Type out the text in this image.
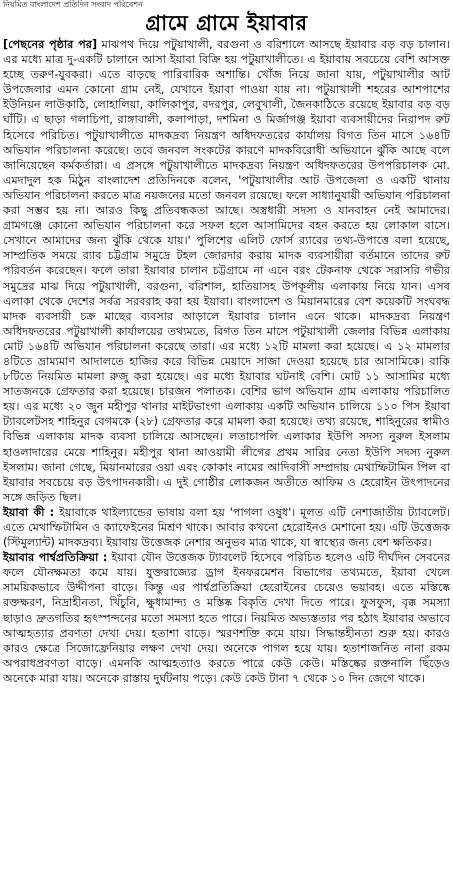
নিয়মিত বাংলাদেশ প্রতিদিন সংবাদ পরিবেশন
গ্রামে গ্রামে ইয়াবার

[পেছনের পৃষ্ঠার পর] মাঝপথ দিয়ে পটুয়াখালী, বরগুনা ও বরিশালে আসছে ইয়াবার বড় বড় চালান। এর মধ্যে মাত্র দু-একটি চালানে আসা ইয়াবা বিক্রি হয় পটুয়াখালীতে। এ ইয়াবায় সবচেয়ে বেশি আসক্ত হচ্ছে তরুণ-যুবকরা। এতে বাড়ছে পারিবারিক অশান্তি। খোঁজ নিয়ে জানা যায়, পটুয়াখালীর আট উপজেলার এমন কোনো গ্রাম নেই, যেখানে ইয়াবা পাওয়া যায় না। পটুয়াখালী শহরের আশপাশের ইউনিয়ন লাউকাঠি, লোহালিয়া, কালিকাপুর, বদরপুর, লেবুখালী, জৈনকাঠিতে রয়েছে ইয়াবার বড় বড় ঘাঁটি। এ ছাড়া গলাচিপা, রাঙ্গাবালী, কলাপাড়া, দশমিনা ও মির্জাগঞ্জ ইয়াবা ব্যবসায়ীদের নিরাপদ রুট হিসেবে পরিচিত। পটুয়াখালীতে মাদকদ্রব্য নিয়ন্ত্রণ অধিদফতরের কার্যালয় বিগত তিন মাসে ১৬৪টি অভিযান পরিচালনা করেছে। তবে জনবল সংকটের কারণে মাদকবিরোধী অভিযানে ঝুঁকি আছে বলে জানিয়েছেন কর্মকর্তারা। এ প্রসঙ্গে পটুয়াখালীতে মাদকদ্রব্য নিয়ন্ত্রণ অধিদফতরের উপপরিচালক মো. এমদাদুল হক মিঠুন বাংলাদেশ প্রতিদিনকে বলেন, 'পটুয়াখালীর আট উপজেলা ও একটি থানায় অভিযান পরিচালনা করতে মাত্র নয়জনের মতো জনবল রয়েছে। ফলে সাধ্যানুযায়ী অভিযান পরিচালনা করা সম্ভব হয় না। আরও কিছু প্রতিবন্ধকতা আছে। অস্ত্রধারী সদস্য ও যানবাহন নেই আমাদের। গ্রামগঞ্জে কোনো অভিযান পরিচালনা করে সফল হলে আসামিদের বহন করতে হয় লোকাল বাসে। সেখানে আমাদের জন্য ঝুঁকি থেকে যায়।' পুলিশের এলিট ফোর্স র‍্যাবের তথ্য-উপাত্তে বলা হয়েছে, সাম্প্রতিক সময়ে র‍্যাব চট্টগ্রাম সমুদ্রে টহল জোরদার করায় মাদক ব্যবসায়ীরা বর্তমানে তাদের রুট পরিবর্তন করেছেন। ফলে তারা ইয়াবার চালান চট্টগ্রামে না এনে বরং টেকনাফ থেকে সরাসরি গভীর সমুদ্রের মাঝ দিয়ে পটুয়াখালী, বরগুনা, বরিশাল, হাতিয়াসহ উপকূলীয় এলাকায় নিয়ে যান। এসব এলাকা থেকে দেশের সর্বত্র সরবরাহ করা হয় ইয়াবা। বাংলাদেশ ও মিয়ানমারের বেশ কয়েকটি সংঘবদ্ধ মাদক ব্যবসায়ী চক্র মাছের ব্যবসার আড়ালে ইয়াবার চালান এনে থাকে। মাদকদ্রব্য নিয়ন্ত্রণ অধিদফতরের পটুয়াখালী কার্যালয়ের তথ্যমতে, বিগত তিন মাসে পটুয়াখালী জেলার বিভিন্ন এলাকায় মোট ১৬৪টি অভিযান পরিচালনা করেছে তারা। এর মধ্যে ১২টি মামলা করা হয়েছে। এ ১২ মামলার ৪টিতে ভ্রাম্যমাণ আদালতে হাজির করে বিভিন্ন মেয়াদে সাজা দেওয়া হয়েছে চার আসামিকে। বাকি ৮টিতে নিয়মিত মামলা রুজু করা হয়েছে। এর মধ্যে ইয়াবার ঘটনাই বেশি। মোট ১১ আসামির মধ্যে সাতজনকে গ্রেফতার করা হয়েছে। চারজন পলাতক। বেশির ভাগ অভিযান গ্রাম এলাকায় পরিচালিত হয়। এর মধ্যে ২০ জুন মহীপুর থানার মাইটভাংগা এলাকায় একটি অভিযান চালিয়ে ১১০ পিস ইয়াবা ট্যাবলেটসহ শাহিনুর বেগমকে (২৮) গ্রেফতার করে মামলা করা হয়েছে। তথ্য রয়েছে, শাহিনুরের স্বামীও বিভিন্ন এলাকায় মাদক ব্যবসা চালিয়ে আসছেন। লতাচাপলি এলাকার ইউপি সদস্য নুরুল ইসলাম হাওলাদারের মেয়ে শাহিনুর। মহীপুর থানা আওয়ামী লীগের প্রথম সারির নেতা ইউপি সদস্য নুরুল ইসলাম। জানা গেছে, মিয়ানমারের ওয়া এবং কোকাং নামের আদিবাসী সম্প্রদায় মেথাম্ফিটামিন পিল বা ইয়াবার সবচেয়ে বড় উৎপাদনকারী। এ দুই গোষ্ঠীর লোকজন অতীতে আফিম ও হেরোইন উৎপাদনের সঙ্গে জড়িত ছিল।

ইয়াবা কী : ইয়াবাকে থাইল্যান্ডের ভাষায় বলা হয় 'পাগলা ওষুধ'। মূলত এটি নেশাজাতীয় ট্যাবলেট। এতে মেথাম্ফিটামিন ও ক্যাফেইনের মিশ্রণ থাকে। আবার কখনো হেরোইনও মেশানো হয়। এটি উত্তেজক (স্টিমুল্যান্ট) মাদকদ্রব্য। ইয়াবায় উত্তেজক নেশার অনুভব মাত্র থাকে, যা স্বাস্থ্যের জন্য বেশ ক্ষতিকর।

ইয়াবার পার্শ্বপ্রতিক্রিয়া : ইয়াবা যৌন উত্তেজক ট্যাবলেট হিসেবে পরিচিত হলেও এটি দীর্ঘদিন সেবনের ফলে যৌনক্ষমতা কমে যায়। যুক্তরাজ্যের ড্রাগ ইনফরমেশন বিভাগের তথ্যমতে, ইয়াবা খেলে সাময়িকভাবে উদ্দীপনা বাড়ে। কিন্তু এর পার্শ্বপ্রতিক্রিয়া হেরোইনের চেয়েও ভয়াবহ। এতে মস্তিষ্কে রক্তক্ষরণ, নিদ্রাহীনতা, খিঁচুনি, ক্ষুধামান্দ্য ও মস্তিষ্ক বিকৃতি দেখা দিতে পারে। ফুসফুস, বৃক্ক সমস্যা ছাড়াও দ্রুতগতির হৃৎস্পন্দনের মতো সমস্যা হতে পারে। নিয়মিত অভ্যস্ততার পর হঠাৎ ইয়াবার অভাবে আত্মহত্যার প্রবণতা দেখা দেয়। হতাশা বাড়ে। স্মরণশক্তি কমে যায়। সিদ্ধান্তহীনতা শুরু হয়। কারও কারও ক্ষেত্রে সিজোফ্রেনিয়ার লক্ষণ দেখা দেয়। অনেকে পাগল হয়ে যায়। হতাশাজনিত নানা রকম অপরাধপ্রবণতা বাড়ে। এমনকি আত্মহত্যাও করতে পারে কেউ কেউ। মস্তিষ্কের রক্তনালি ছিঁড়েও অনেকে মারা যায়। অনেকে রাস্তায় দুর্ঘটনায় পড়ে। কেউ কেউ টানা ৭ থেকে ১০ দিন জেগে থাকে।
